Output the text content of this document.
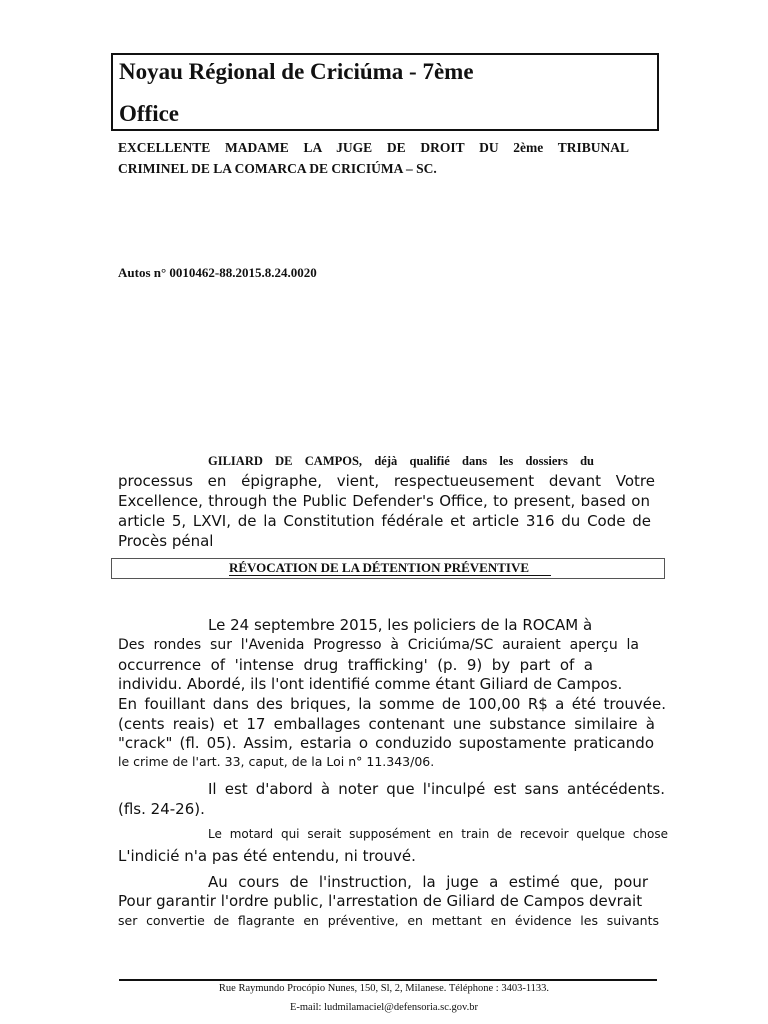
Noyau Régional de Criciúma - 7ème
Office
EXCELLENTE MADAME LA JUGE DE DROIT DU 2ème TRIBUNAL
CRIMINEL DE LA COMARCA DE CRICIÚMA – SC.
Autos n° 0010462-88.2015.8.24.0020
GILIARD DE CAMPOS, déjà qualifié dans les dossiers du
processus en épigraphe, vient, respectueusement devant Votre
Excellence, through the Public Defender's Office, to present, based on
article 5, LXVI, de la Constitution fédérale et article 316 du Code de
Procès pénal
RÉVOCATION DE LA DÉTENTION PRÉVENTIVE
Le 24 septembre 2015, les policiers de la ROCAM à
Des rondes sur l'Avenida Progresso à Criciúma/SC auraient aperçu la
occurrence of 'intense drug trafficking' (p. 9) by part of a
individu. Abordé, ils l'ont identifié comme étant Giliard de Campos.
En fouillant dans des briques, la somme de 100,00 R$ a été trouvée.
(cents reais) et 17 emballages contenant une substance similaire à
"crack" (fl. 05). Assim, estaria o conduzido supostamente praticando
le crime de l'art. 33, caput, de la Loi n° 11.343/06.
Il est d'abord à noter que l'inculpé est sans antécédents.
(fls. 24-26).
Le motard qui serait supposément en train de recevoir quelque chose
L'indicié n'a pas été entendu, ni trouvé.
Au cours de l'instruction, la juge a estimé que, pour
Pour garantir l'ordre public, l'arrestation de Giliard de Campos devrait
ser convertie de flagrante en préventive, en mettant en évidence les suivants
Rue Raymundo Procópio Nunes, 150, Sl, 2, Milanese. Téléphone : 3403-1133.
E-mail: ludmilamaciel@defensoria.sc.gov.br
